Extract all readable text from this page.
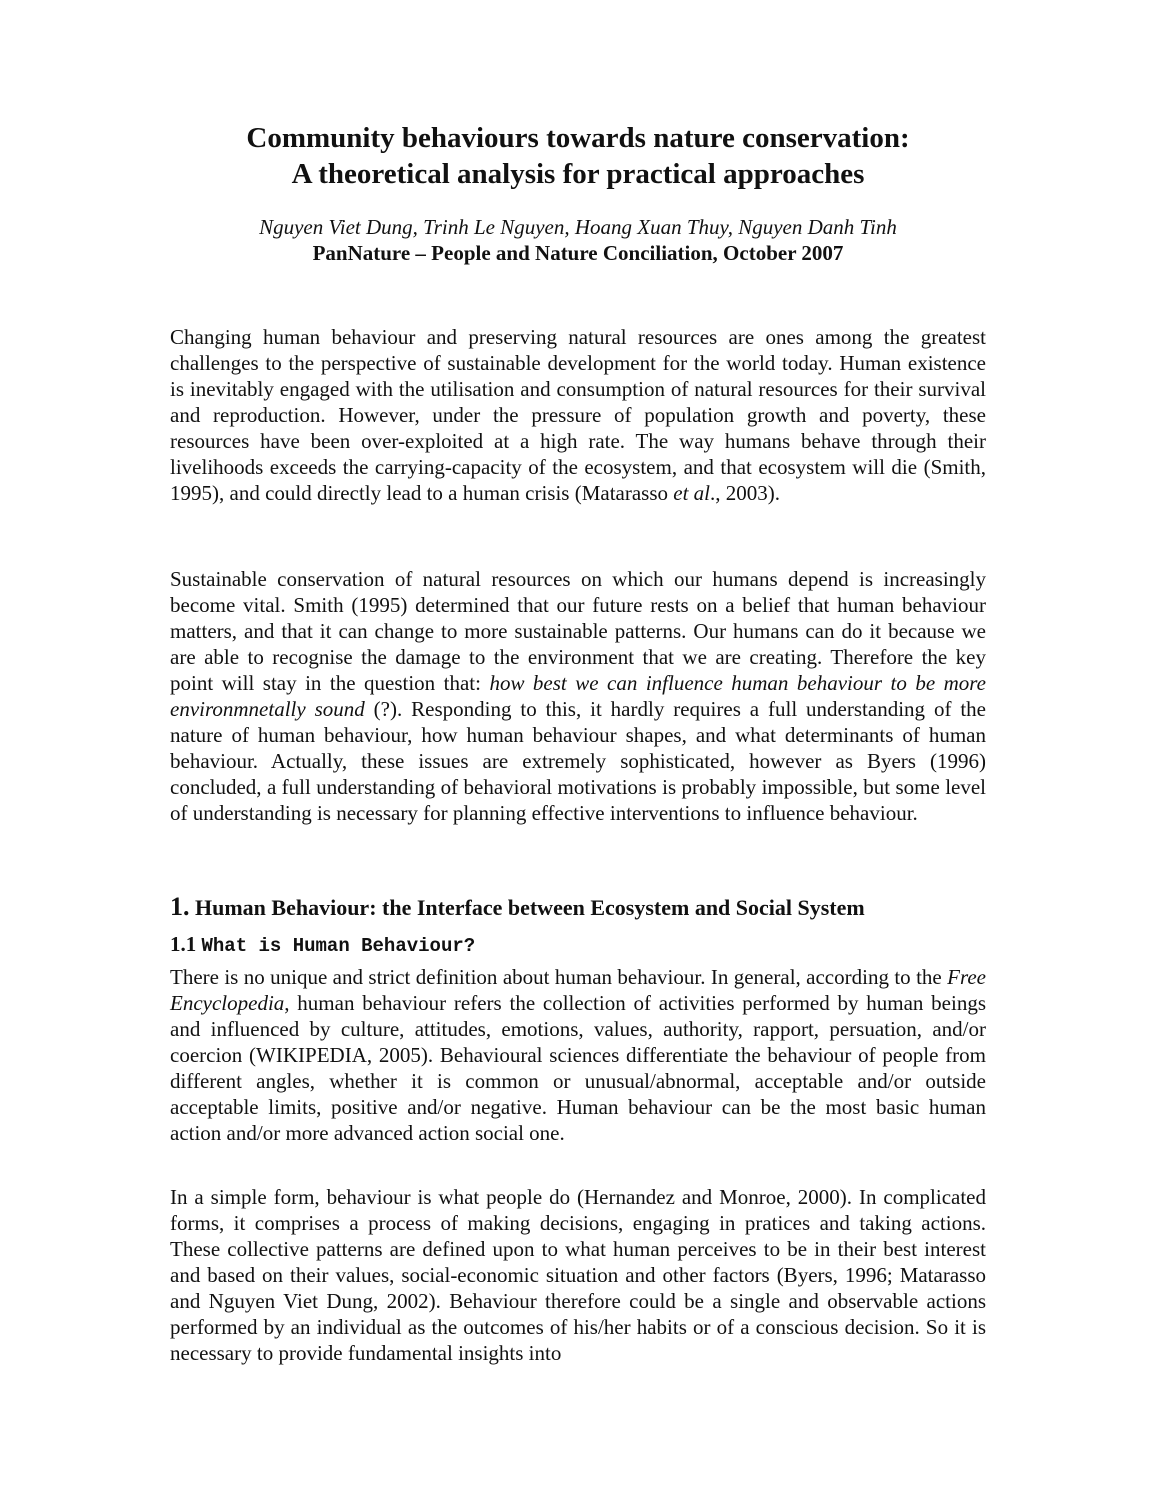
Community behaviours towards nature conservation:
A theoretical analysis for practical approaches

Nguyen Viet Dung, Trinh Le Nguyen, Hoang Xuan Thuy, Nguyen Danh Tinh

PanNature – People and Nature Conciliation, October 2007

Changing human behaviour and preserving natural resources are ones among the greatest challenges to the perspective of sustainable development for the world today. Human existence is inevitably engaged with the utilisation and consumption of natural resources for their survival and reproduction. However, under the pressure of population growth and poverty, these resources have been over-exploited at a high rate. The way humans behave through their livelihoods exceeds the carrying-capacity of the ecosystem, and that ecosystem will die (Smith, 1995), and could directly lead to a human crisis (Matarasso et al., 2003).

Sustainable conservation of natural resources on which our humans depend is increasingly become vital. Smith (1995) determined that our future rests on a belief that human behaviour matters, and that it can change to more sustainable patterns. Our humans can do it because we are able to recognise the damage to the environment that we are creating. Therefore the key point will stay in the question that: how best we can influence human behaviour to be more environmnetally sound (?). Responding to this, it hardly requires a full understanding of the nature of human behaviour, how human behaviour shapes, and what determinants of human behaviour. Actually, these issues are extremely sophisticated, however as Byers (1996) concluded, a full understanding of behavioral motivations is probably impossible, but some level of understanding is necessary for planning effective interventions to influence behaviour.

1. Human Behaviour: the Interface between Ecosystem and Social System
1.1 What is Human Behaviour?

There is no unique and strict definition about human behaviour. In general, according to the Free Encyclopedia, human behaviour refers the collection of activities performed by human beings and influenced by culture, attitudes, emotions, values, authority, rapport, persuation, and/or coercion (WIKIPEDIA, 2005). Behavioural sciences differentiate the behaviour of people from different angles, whether it is common or unusual/abnormal, acceptable and/or outside acceptable limits, positive and/or negative. Human behaviour can be the most basic human action and/or more advanced action social one.

In a simple form, behaviour is what people do (Hernandez and Monroe, 2000). In complicated forms, it comprises a process of making decisions, engaging in pratices and taking actions. These collective patterns are defined upon to what human perceives to be in their best interest and based on their values, social-economic situation and other factors (Byers, 1996; Matarasso and Nguyen Viet Dung, 2002). Behaviour therefore could be a single and observable actions performed by an individual as the outcomes of his/her habits or of a conscious decision. So it is necessary to provide fundamental insights into
